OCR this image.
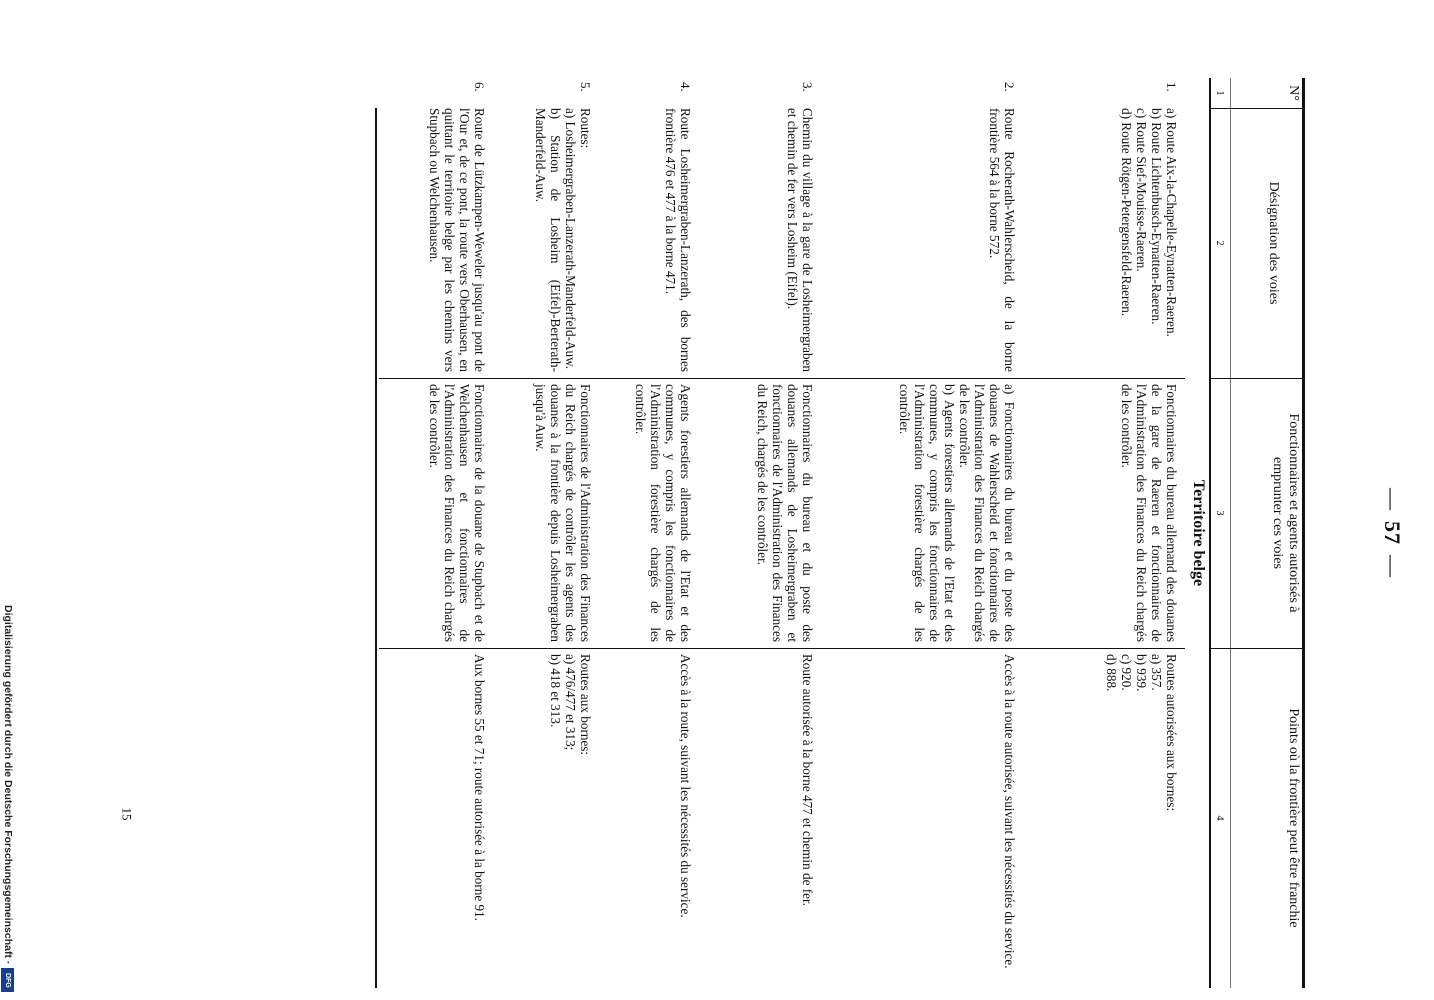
—57—
N°
Désignation des voies
Fonctionnaires et agents autorisés à emprunter ces voies
Points où la frontière peut être franchie
1
2
3
4
Territoire belge
1.
a) Route Aix-la-Chapelle-Eynatten-Raeren.
b) Route Lichtenbusch-Eynatten-Raeren.
c) Route Sief-Mouisse-Raeren.
d) Route Rötgen-Petergensfeld-Raeren.
Fonctionnaires du bureau allemand des douanes de la gare de Raeren et fonctionnaires de l'Administration des Finances du Reich chargés de les contrôler.
Routes autorisées aux bornes:
a) 357.
b) 939.
c) 920.
d) 888.
2.
Route Rocherath-Wahlerscheid, de la borne frontière 564 à la borne 572.
a) Fonctionnaires du bureau et du poste des douanes de Wahlerscheid et fonctionnaires de l'Administration des Finances du Reich chargés de les contrôler.
b) Agents forestiers allemands de l'Etat et des communes, y compris les fonctionnaires de l'Administration forestière chargés de les contrôler.
Accès à la route autorisée, suivant les nécessités du service.
3.
Chemin du village à la gare de Losheimergraben et chemin de fer vers Losheim (Eifel).
Fonctionnaires du bureau et du poste des douanes allemands de Losheimergraben et fonctionnaires de l'Administration des Finances du Reich, chargés de les contrôler.
Route autorisée à la borne 477 et chemin de fer.
4.
Route Losheimergraben-Lanzerath, des bornes frontière 476 et 477 à la borne 471.
Agents forestiers allemands de l'Etat et des communes, y compris les fonctionnaires de l'Administration forestière chargés de les contrôler.
Accès à la route, suivant les nécessités du service.
5.
Routes:
a) Losheimergraben-Lanzerath-Manderfeld-Auw.
b) Station de Losheim (Eifel)-Berterath-Manderfeld-Auw.
Fonctionnaires de l'Administration des Finances du Reich chargés de contrôler les agents des douanes à la frontière depuis Losheimergraben jusqu'à Auw.
Routes aux bornes:
a) 476/477 et 313;
b) 418 et 313.
6.
Route de Lützkampen-Weweler jusqu'au pont de l'Our et, de ce pont, la route vers Oberhausen, en quittant le territoire belge par les chemins vers Stupbach ou Welchenhausen.
Fonctionnaires de la douane de Stupbach et de Welchenhausen et fonctionnaires de l'Administration des Finances du Reich chargés de les contrôler.
Aux bornes 55 et 71; route autorisée à la borne 91.
15
Digitalisierung gefördert durch die Deutsche Forschungsgemeinschaft ·
DFG
